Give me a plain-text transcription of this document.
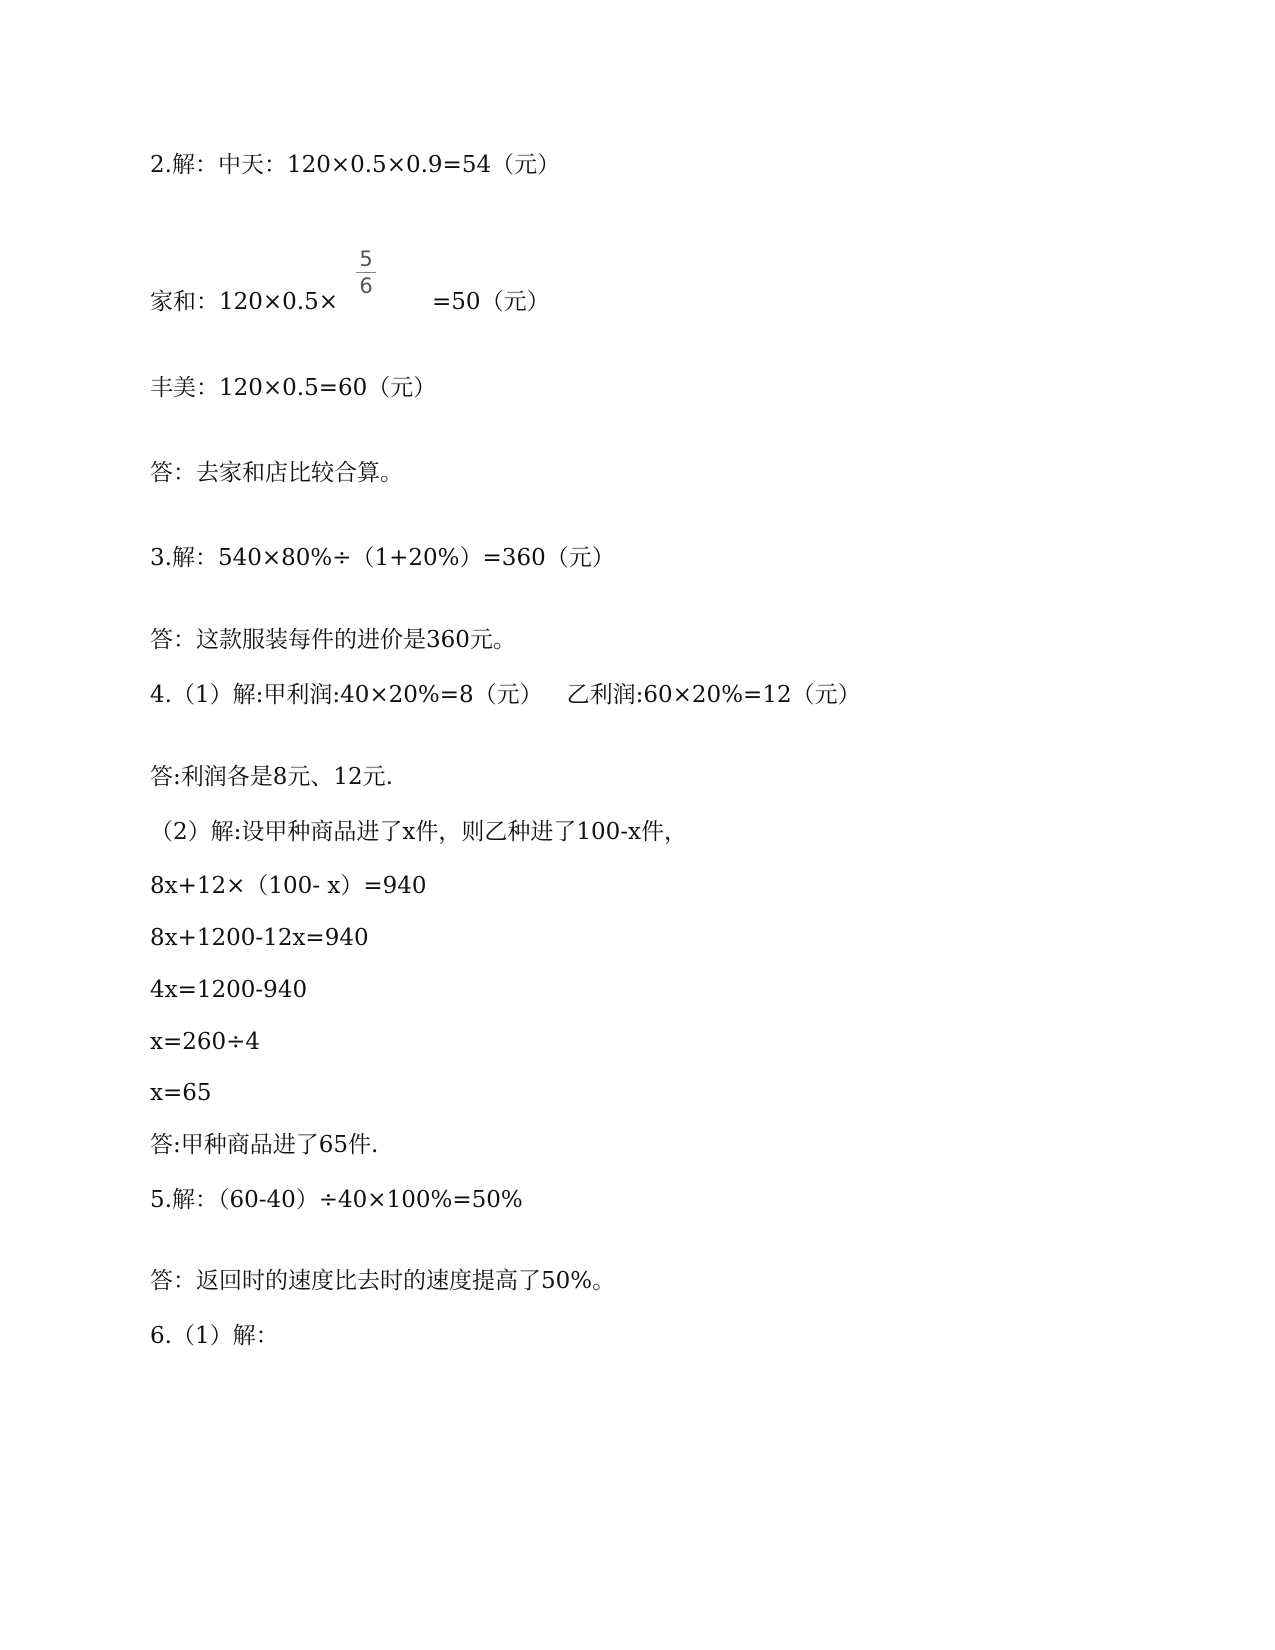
2.解：中天：120×0.5×0.9=54（元）
5
6
家和：120×0.5×	=50（元）
丰美：120×0.5=60（元）
答：去家和店比较合算。
3.解：540×80%÷（1+20%）=360（元）
答：这款服装每件的进价是360元。
4.（1）解:甲利润:40×20%=8（元） 乙利润:60×20%=12（元）
答:利润各是8元、12元.
（2）解:设甲种商品进了x件，则乙种进了100-x件，
8x+12×（100- x）=940
8x+1200-12x=940
4x=1200-940
x=260÷4
x=65
答:甲种商品进了65件.
5.解：（60-40）÷40×100%=50%
答：返回时的速度比去时的速度提高了50%。
6.（1）解：
